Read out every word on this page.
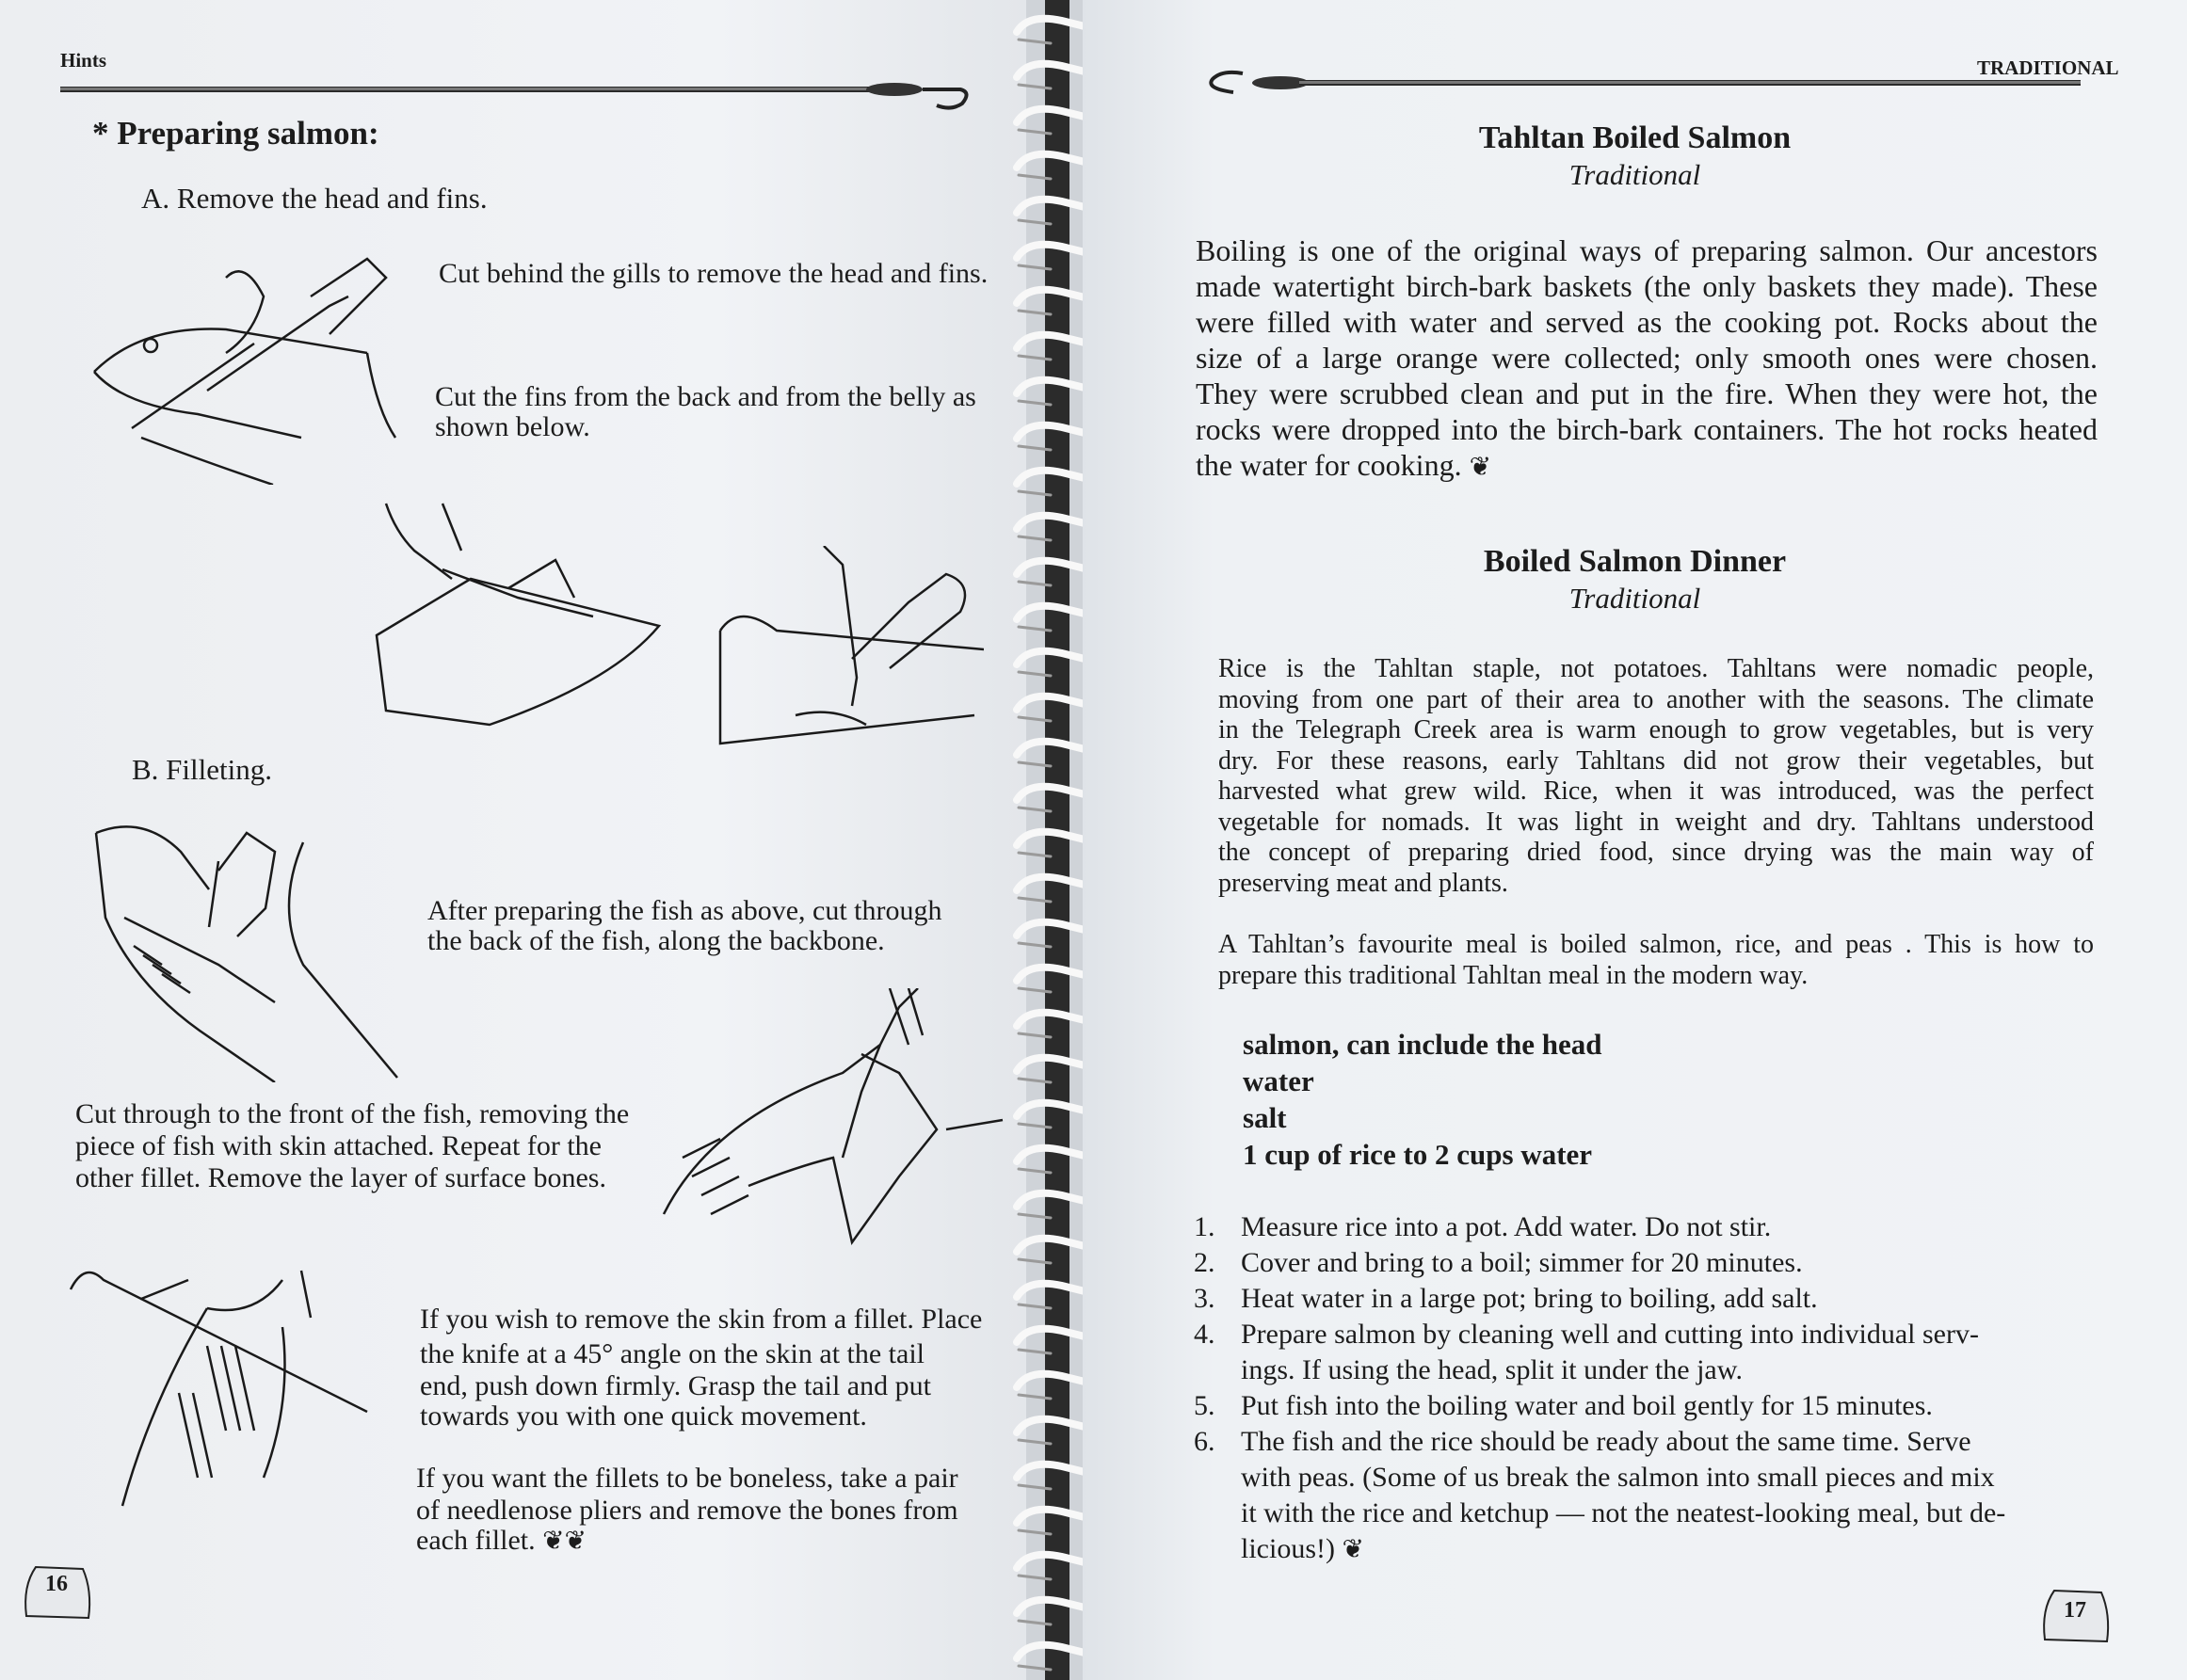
Hints
* Preparing salmon:
A. Remove the head and fins.
Cut behind the gills to remove the head and fins.
Cut the fins from the back and from the belly as
shown below.
B. Filleting.
After preparing the fish as above, cut through
the back of the fish, along the backbone.
Cut through to the front of the fish, removing the
piece of fish with skin attached. Repeat for the
other fillet. Remove the layer of surface bones.
If you wish to remove the skin from a fillet. Place
the knife at a 45° angle on the skin at the tail
end, push down firmly. Grasp the tail and put
towards you with one quick movement.
If you want the fillets to be boneless, take a pair
of needlenose pliers and remove the bones from
each fillet. ❦❦
16
TRADITIONAL
Tahltan Boiled Salmon
Traditional
Boiling is one of the original ways of preparing salmon. Our ancestors
made watertight birch-bark baskets (the only baskets they made). These
were filled with water and served as the cooking pot. Rocks about the
size of a large orange were collected; only smooth ones were chosen.
They were scrubbed clean and put in the fire. When they were hot, the
rocks were dropped into the birch-bark containers. The hot rocks heated
the water for cooking. ❦
Boiled Salmon Dinner
Traditional
Rice is the Tahltan staple, not potatoes. Tahltans were nomadic people,
moving from one part of their area to another with the seasons. The climate
in the Telegraph Creek area is warm enough to grow vegetables, but is very
dry. For these reasons, early Tahltans did not grow their vegetables, but
harvested what grew wild. Rice, when it was introduced, was the perfect
vegetable for nomads. It was light in weight and dry. Tahltans understood
the concept of preparing dried food, since drying was the main way of
preserving meat and plants.
A Tahltan’s favourite meal is boiled salmon, rice, and peas . This is how to
prepare this traditional Tahltan meal in the modern way.
salmon, can include the head
water
salt
1 cup of rice to 2 cups water
1. Measure rice into a pot. Add water. Do not stir.
2. Cover and bring to a boil; simmer for 20 minutes.
3. Heat water in a large pot; bring to boiling, add salt.
4. Prepare salmon by cleaning well and cutting into individual serv-
ings. If using the head, split it under the jaw.
5. Put fish into the boiling water and boil gently for 15 minutes.
6. The fish and the rice should be ready about the same time. Serve
with peas. (Some of us break the salmon into small pieces and mix
it with the rice and ketchup — not the neatest-looking meal, but de-
licious!) ❦
17
